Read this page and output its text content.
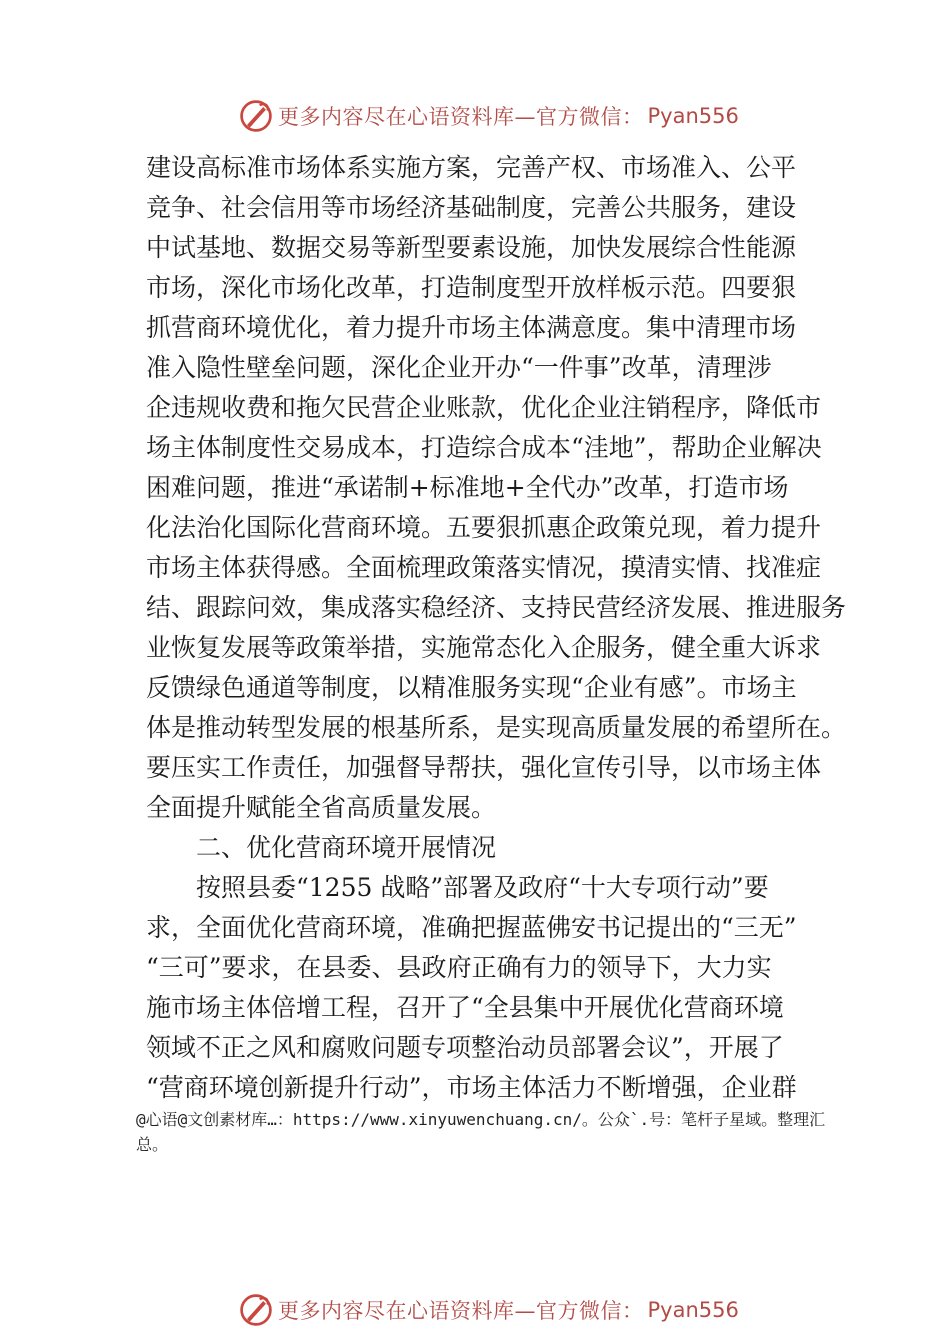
更多内容尽在心语资料库—官方微信： Pyan556
建设高标准市场体系实施方案，完善产权、市场准入、公平
竞争、社会信用等市场经济基础制度，完善公共服务，建设
中试基地、数据交易等新型要素设施，加快发展综合性能源
市场，深化市场化改革，打造制度型开放样板示范。四要狠
抓营商环境优化，着力提升市场主体满意度。集中清理市场
准入隐性壁垒问题，深化企业开办“一件事”改革，清理涉
企违规收费和拖欠民营企业账款，优化企业注销程序，降低市
场主体制度性交易成本，打造综合成本“洼地”，帮助企业解决
困难问题，推进“承诺制+标准地+全代办”改革，打造市场
化法治化国际化营商环境。五要狠抓惠企政策兑现，着力提升
市场主体获得感。全面梳理政策落实情况，摸清实情、找准症
结、跟踪问效，集成落实稳经济、支持民营经济发展、推进服务
业恢复发展等政策举措，实施常态化入企服务，健全重大诉求
反馈绿色通道等制度，以精准服务实现“企业有感”。市场主
体是推动转型发展的根基所系，是实现高质量发展的希望所在。
要压实工作责任，加强督导帮扶，强化宣传引导，以市场主体
全面提升赋能全省高质量发展。
二、优化营商环境开展情况
按照县委“1255 战略”部署及政府“十大专项行动”要
求，全面优化营商环境，准确把握蓝佛安书记提出的“三无”
“三可”要求，在县委、县政府正确有力的领导下，大力实
施市场主体倍增工程，召开了“全县集中开展优化营商环境
领域不正之风和腐败问题专项整治动员部署会议”，开展了
“营商环境创新提升行动”，市场主体活力不断增强，企业群
@心语@文创素材库…：https://www.xinyuwenchuang.cn/。公众`.号：笔杆子星域。整理汇总。
更多内容尽在心语资料库—官方微信： Pyan556
